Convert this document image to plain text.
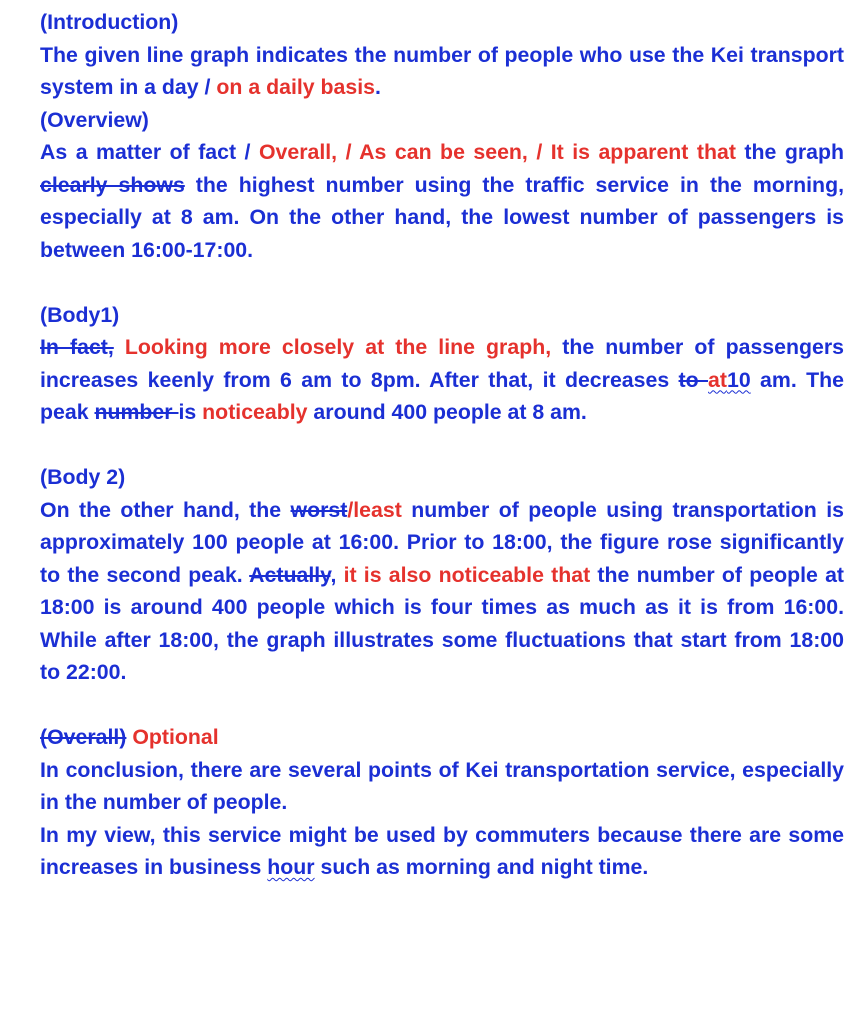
(Introduction)

The given line graph indicates the number of people who use the Kei transport system in a day / on a daily basis.

(Overview)

As a matter of fact / Overall, / As can be seen, / It is apparent that the graph clearly shows the highest number using the traffic service in the morning, especially at 8 am. On the other hand, the lowest number of passengers is between 16:00-17:00.

(Body1)

In fact, Looking more closely at the line graph, the number of passengers increases keenly from 6 am to 8pm. After that, it decreases to at10 am. The peak number is noticeably around 400 people at 8 am.

(Body 2)

On the other hand, the worst/least number of people using transportation is approximately 100 people at 16:00. Prior to 18:00, the figure rose significantly to the second peak. Actually, it is also noticeable that the number of people at 18:00 is around 400 people which is four times as much as it is from 16:00. While after 18:00, the graph illustrates some fluctuations that start from 18:00 to 22:00.

(Overall) Optional

In conclusion, there are several points of Kei transportation service, especially in the number of people.

In my view, this service might be used by commuters because there are some increases in business hour such as morning and night time.
